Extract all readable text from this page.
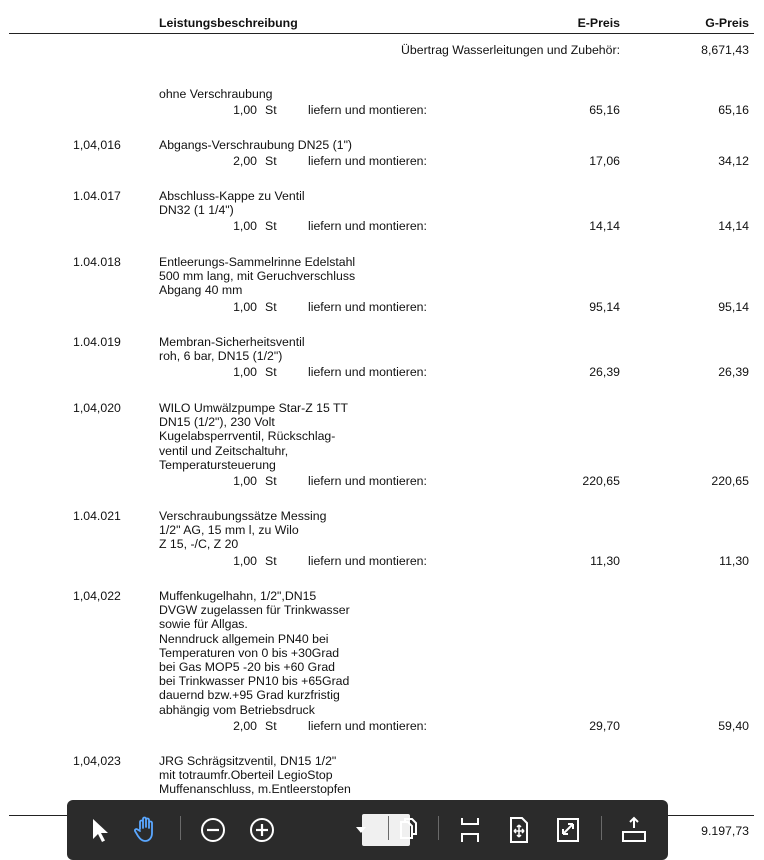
Leistungsbeschreibung	E-Preis	G-Preis
Übertrag Wasserleitungen und Zubehör:	8,671,43
ohne Verschraubung
1,00 St	liefern und montieren:	65,16	65,16
1,04,016	Abgangs-Verschraubung DN25 (1")
2,00 St	liefern und montieren:	17,06	34,12
1.04.017	Abschluss-Kappe zu Ventil
DN32 (1 1/4")
1,00 St	liefern und montieren:	14,14	14,14
1.04.018	Entleerungs-Sammelrinne Edelstahl
500 mm lang, mit Geruchverschluss
Abgang 40 mm
1,00 St	liefern und montieren:	95,14	95,14
1.04.019	Membran-Sicherheitsventil
roh, 6 bar, DN15 (1/2")
1,00 St	liefern und montieren:	26,39	26,39
1,04,020	WILO Umwälzpumpe Star-Z 15 TT
DN15 (1/2"), 230 Volt
Kugelabsperrventil, Rückschlag-
ventil und Zeitschaltuhr,
Temperatursteuerung
1,00 St	liefern und montieren:	220,65	220,65
1.04.021	Verschraubungssätze Messing
1/2" AG, 15 mm l, zu Wilo
Z 15, -/C, Z 20
1,00 St	liefern und montieren:	11,30	11,30
1,04,022	Muffenkugelhahn, 1/2",DN15
DVGW zugelassen für Trinkwasser
sowie für Allgas.
Nenndruck allgemein PN40 bei
Temperaturen von 0 bis +30Grad
bei Gas MOP5 -20 bis +60 Grad
bei Trinkwasser PN10 bis +65Grad
dauernd bzw.+95 Grad kurzfristig
abhängig vom Betriebsdruck
2,00 St	liefern und montieren:	29,70	59,40
1,04,023	JRG Schrägsitzventil, DN15 1/2"
mit totraumfr.Oberteil LegioStop
Muffenanschluss, m.Entleerstopfen
9.197,73
